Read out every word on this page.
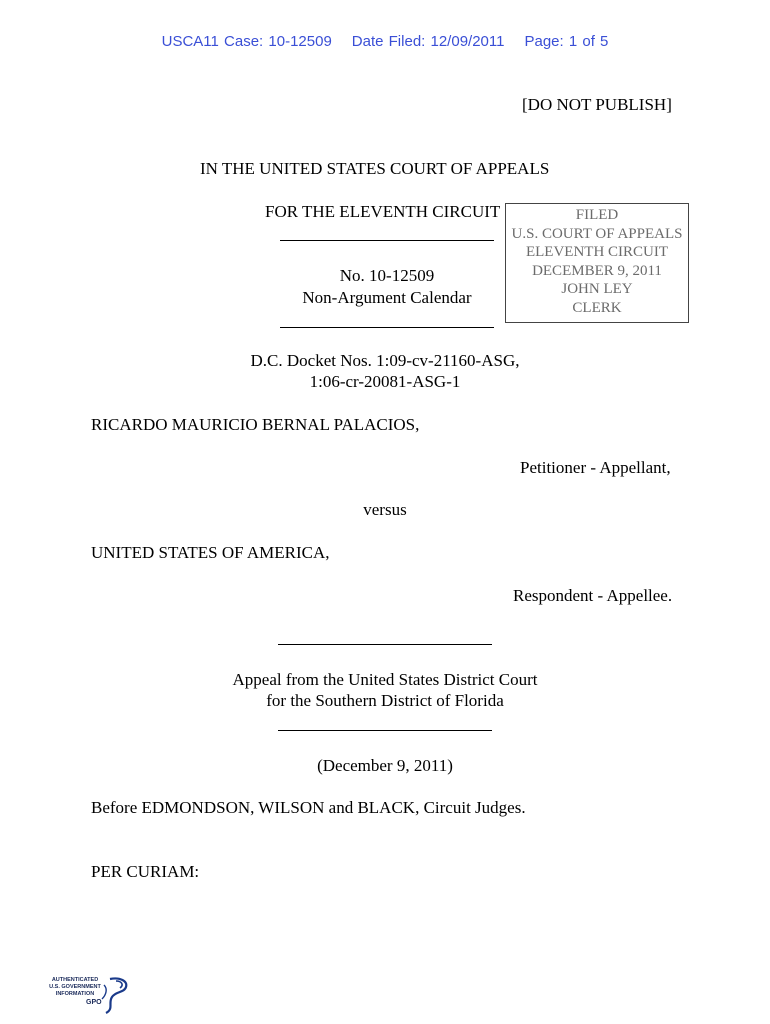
USCA11 Case: 10-12509 Date Filed: 12/09/2011 Page: 1 of 5
[DO NOT PUBLISH]
IN THE UNITED STATES COURT OF APPEALS
FOR THE ELEVENTH CIRCUIT
No. 10-12509
Non-Argument Calendar
FILED
U.S. COURT OF APPEALS
ELEVENTH CIRCUIT
DECEMBER 9, 2011
JOHN LEY
CLERK
D.C. Docket Nos. 1:09-cv-21160-ASG,
1:06-cr-20081-ASG-1
RICARDO MAURICIO BERNAL PALACIOS,
Petitioner - Appellant,
versus
UNITED STATES OF AMERICA,
Respondent - Appellee.
Appeal from the United States District Court
for the Southern District of Florida
(December 9, 2011)
Before EDMONDSON, WILSON and BLACK, Circuit Judges.
PER CURIAM:
AUTHENTICATED
U.S. GOVERNMENT
INFORMATION
GPO
